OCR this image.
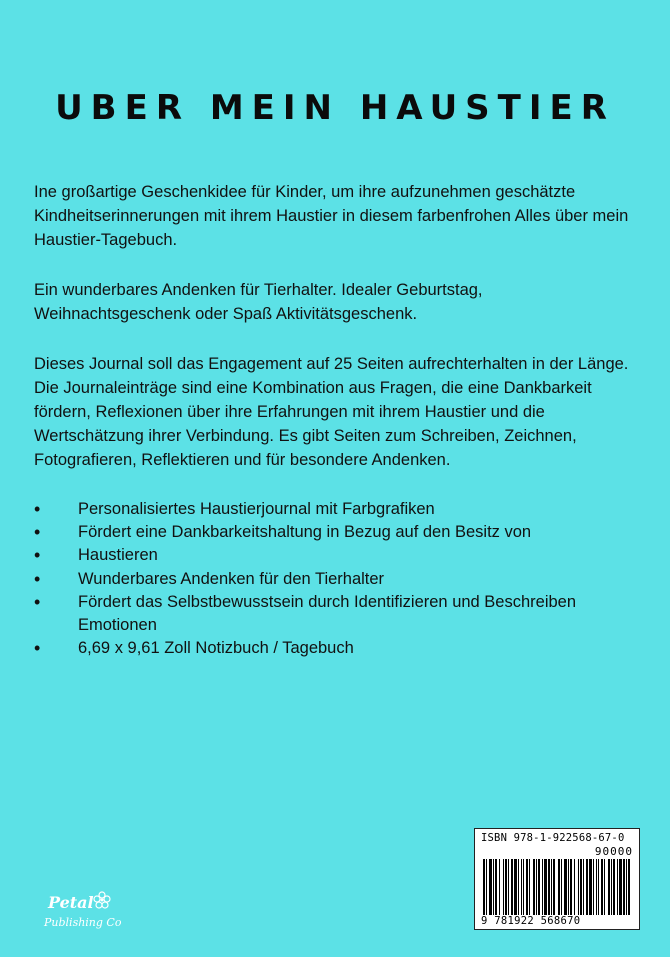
UBER MEIN HAUSTIER

Ine großartige Geschenkidee für Kinder, um ihre aufzunehmen geschätzte Kindheitserinnerungen mit ihrem Haustier in diesem farbenfrohen Alles über mein Haustier-Tagebuch.

Ein wunderbares Andenken für Tierhalter. Idealer Geburtstag, Weihnachtsgeschenk oder Spaß Aktivitätsgeschenk.

Dieses Journal soll das Engagement auf 25 Seiten aufrechterhalten in der Länge. Die Journaleinträge sind eine Kombination aus Fragen, die eine Dankbarkeit fördern, Reflexionen über ihre Erfahrungen mit ihrem Haustier und die Wertschätzung ihrer Verbindung. Es gibt Seiten zum Schreiben, Zeichnen, Fotografieren, Reflektieren und für besondere Andenken.

•	Personalisiertes Haustierjournal mit Farbgrafiken
•	Fördert eine Dankbarkeitshaltung in Bezug auf den Besitz von
•	Haustieren
•	Wunderbares Andenken für den Tierhalter
•	Fördert das Selbstbewusstsein durch Identifizieren und Beschreiben Emotionen
•	6,69 x 9,61 Zoll Notizbuch / Tagebuch
Petal
Publishing Co
ISBN 978-1-922568-67-0
90000
9 781922 568670
